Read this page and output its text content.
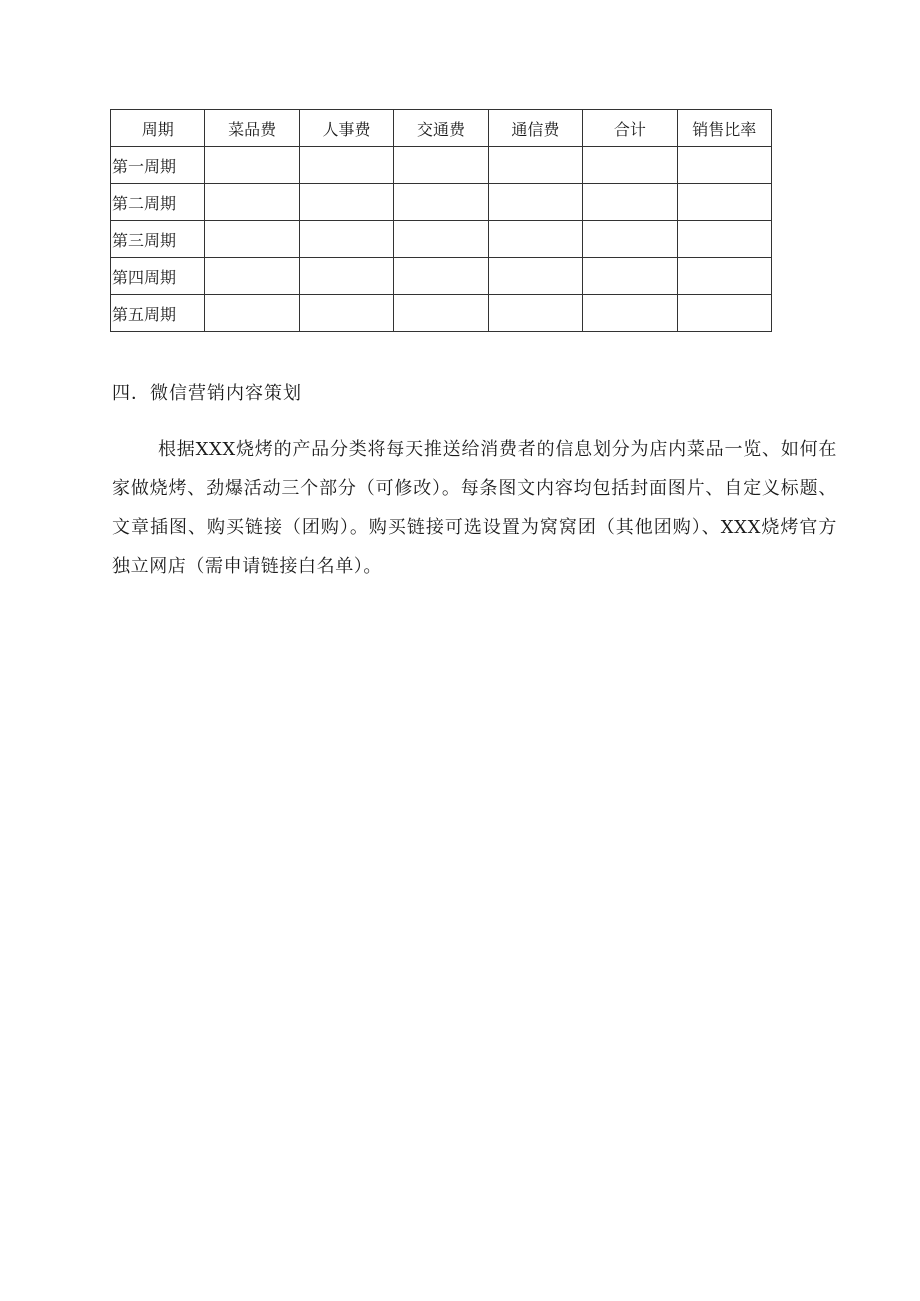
周期	菜品费	人事费	交通费	通信费	合计	销售比率
第一周期						
第二周期						
第三周期						
第四周期						
第五周期						
四．微信营销内容策划

根据XXX烧烤的产品分类将每天推送给消费者的信息划分为店内菜品一览、如何在家做烧烤、劲爆活动三个部分（可修改）。每条图文内容均包括封面图片、自定义标题、文章插图、购买链接（团购）。购买链接可选设置为窝窝团（其他团购）、XXX烧烤官方独立网店（需申请链接白名单）。
